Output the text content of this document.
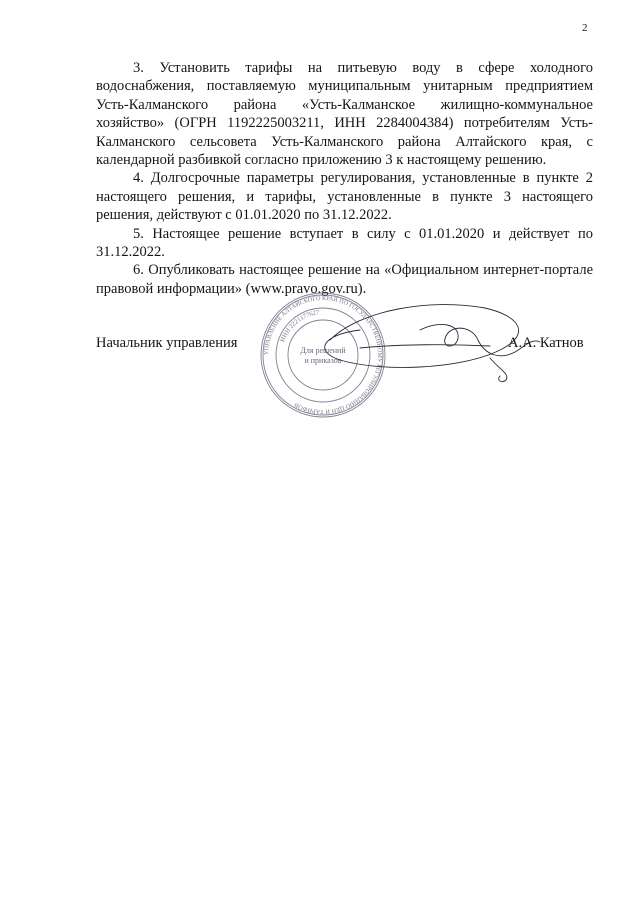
2

3. Установить тарифы на питьевую воду в сфере холодного водоснабжения, поставляемую муниципальным унитарным предприятием Усть-Калманского района «Усть-Калманское жилищно-коммунальное хозяйство» (ОГРН 1192225003211, ИНН 2284004384) потребителям Усть-Калманского сельсовета Усть-Калманского района Алтайского края, с календарной разбивкой согласно приложению 3 к настоящему решению.

4. Долгосрочные параметры регулирования, установленные в пункте 2 настоящего решения, и тарифы, установленные в пункте 3 настоящего решения, действуют с 01.01.2020 по 31.12.2022.

5. Настоящее решение вступает в силу с 01.01.2020 и действует по 31.12.2022.

6. Опубликовать настоящее решение на «Официальном интернет-портале правовой информации» (www.pravo.gov.ru).

Начальник управления
УПРАВЛЕНИЕ АЛТАЙСКОГО КРАЯ ПО ГОСУДАРСТВЕННОМУ РЕГУЛИРОВАНИЮ ЦЕН И ТАРИФОВ
ИНН 2221177627
Для решений
и приказов
А.А. Катнов
